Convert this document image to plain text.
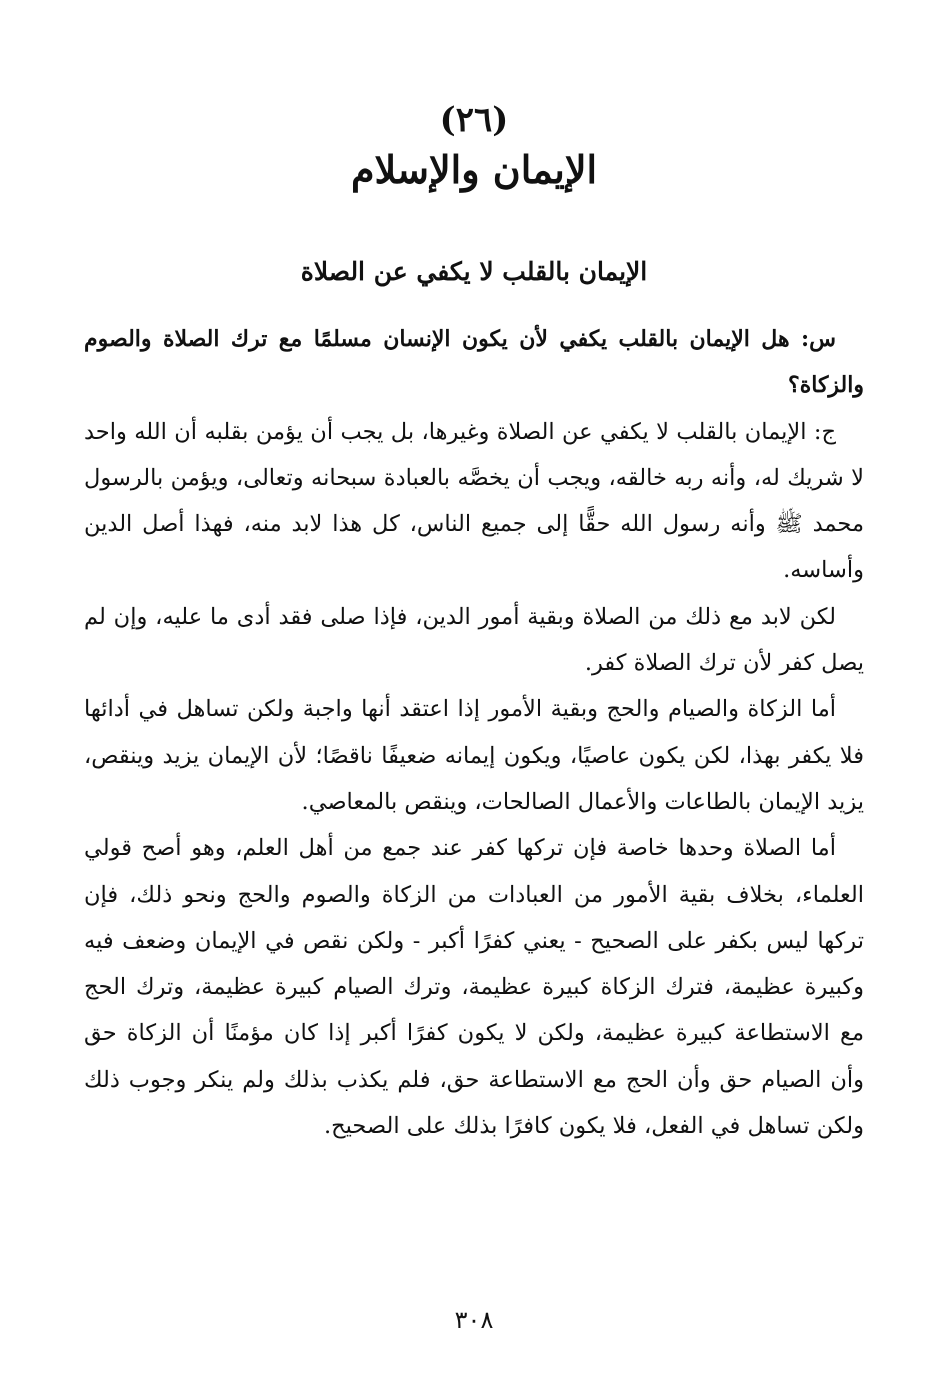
(٢٦)
الإيمان والإسلام
الإيمان بالقلب لا يكفي عن الصلاة

س: هل الإيمان بالقلب يكفي لأن يكون الإنسان مسلمًا مع ترك الصلاة والصوم والزكاة؟

ج: الإيمان بالقلب لا يكفي عن الصلاة وغيرها، بل يجب أن يؤمن بقلبه أن الله واحد لا شريك له، وأنه ربه خالقه، ويجب أن يخصَّه بالعبادة سبحانه وتعالى، ويؤمن بالرسول محمد ﷺ وأنه رسول الله حقًّا إلى جميع الناس، كل هذا لابد منه، فهذا أصل الدين وأساسه.

لكن لابد مع ذلك من الصلاة وبقية أمور الدين، فإذا صلى فقد أدى ما عليه، وإن لم يصل كفر لأن ترك الصلاة كفر.

أما الزكاة والصيام والحج وبقية الأمور إذا اعتقد أنها واجبة ولكن تساهل في أدائها فلا يكفر بهذا، لكن يكون عاصيًا، ويكون إيمانه ضعيفًا ناقصًا؛ لأن الإيمان يزيد وينقص، يزيد الإيمان بالطاعات والأعمال الصالحات، وينقص بالمعاصي.

أما الصلاة وحدها خاصة فإن تركها كفر عند جمع من أهل العلم، وهو أصح قولي العلماء، بخلاف بقية الأمور من العبادات من الزكاة والصوم والحج ونحو ذلك، فإن تركها ليس بكفر على الصحيح - يعني كفرًا أكبر - ولكن نقص في الإيمان وضعف فيه وكبيرة عظيمة، فترك الزكاة كبيرة عظيمة، وترك الصيام كبيرة عظيمة، وترك الحج مع الاستطاعة كبيرة عظيمة، ولكن لا يكون كفرًا أكبر إذا كان مؤمنًا أن الزكاة حق وأن الصيام حق وأن الحج مع الاستطاعة حق، فلم يكذب بذلك ولم ينكر وجوب ذلك ولكن تساهل في الفعل، فلا يكون كافرًا بذلك على الصحيح.

٣٠٨
